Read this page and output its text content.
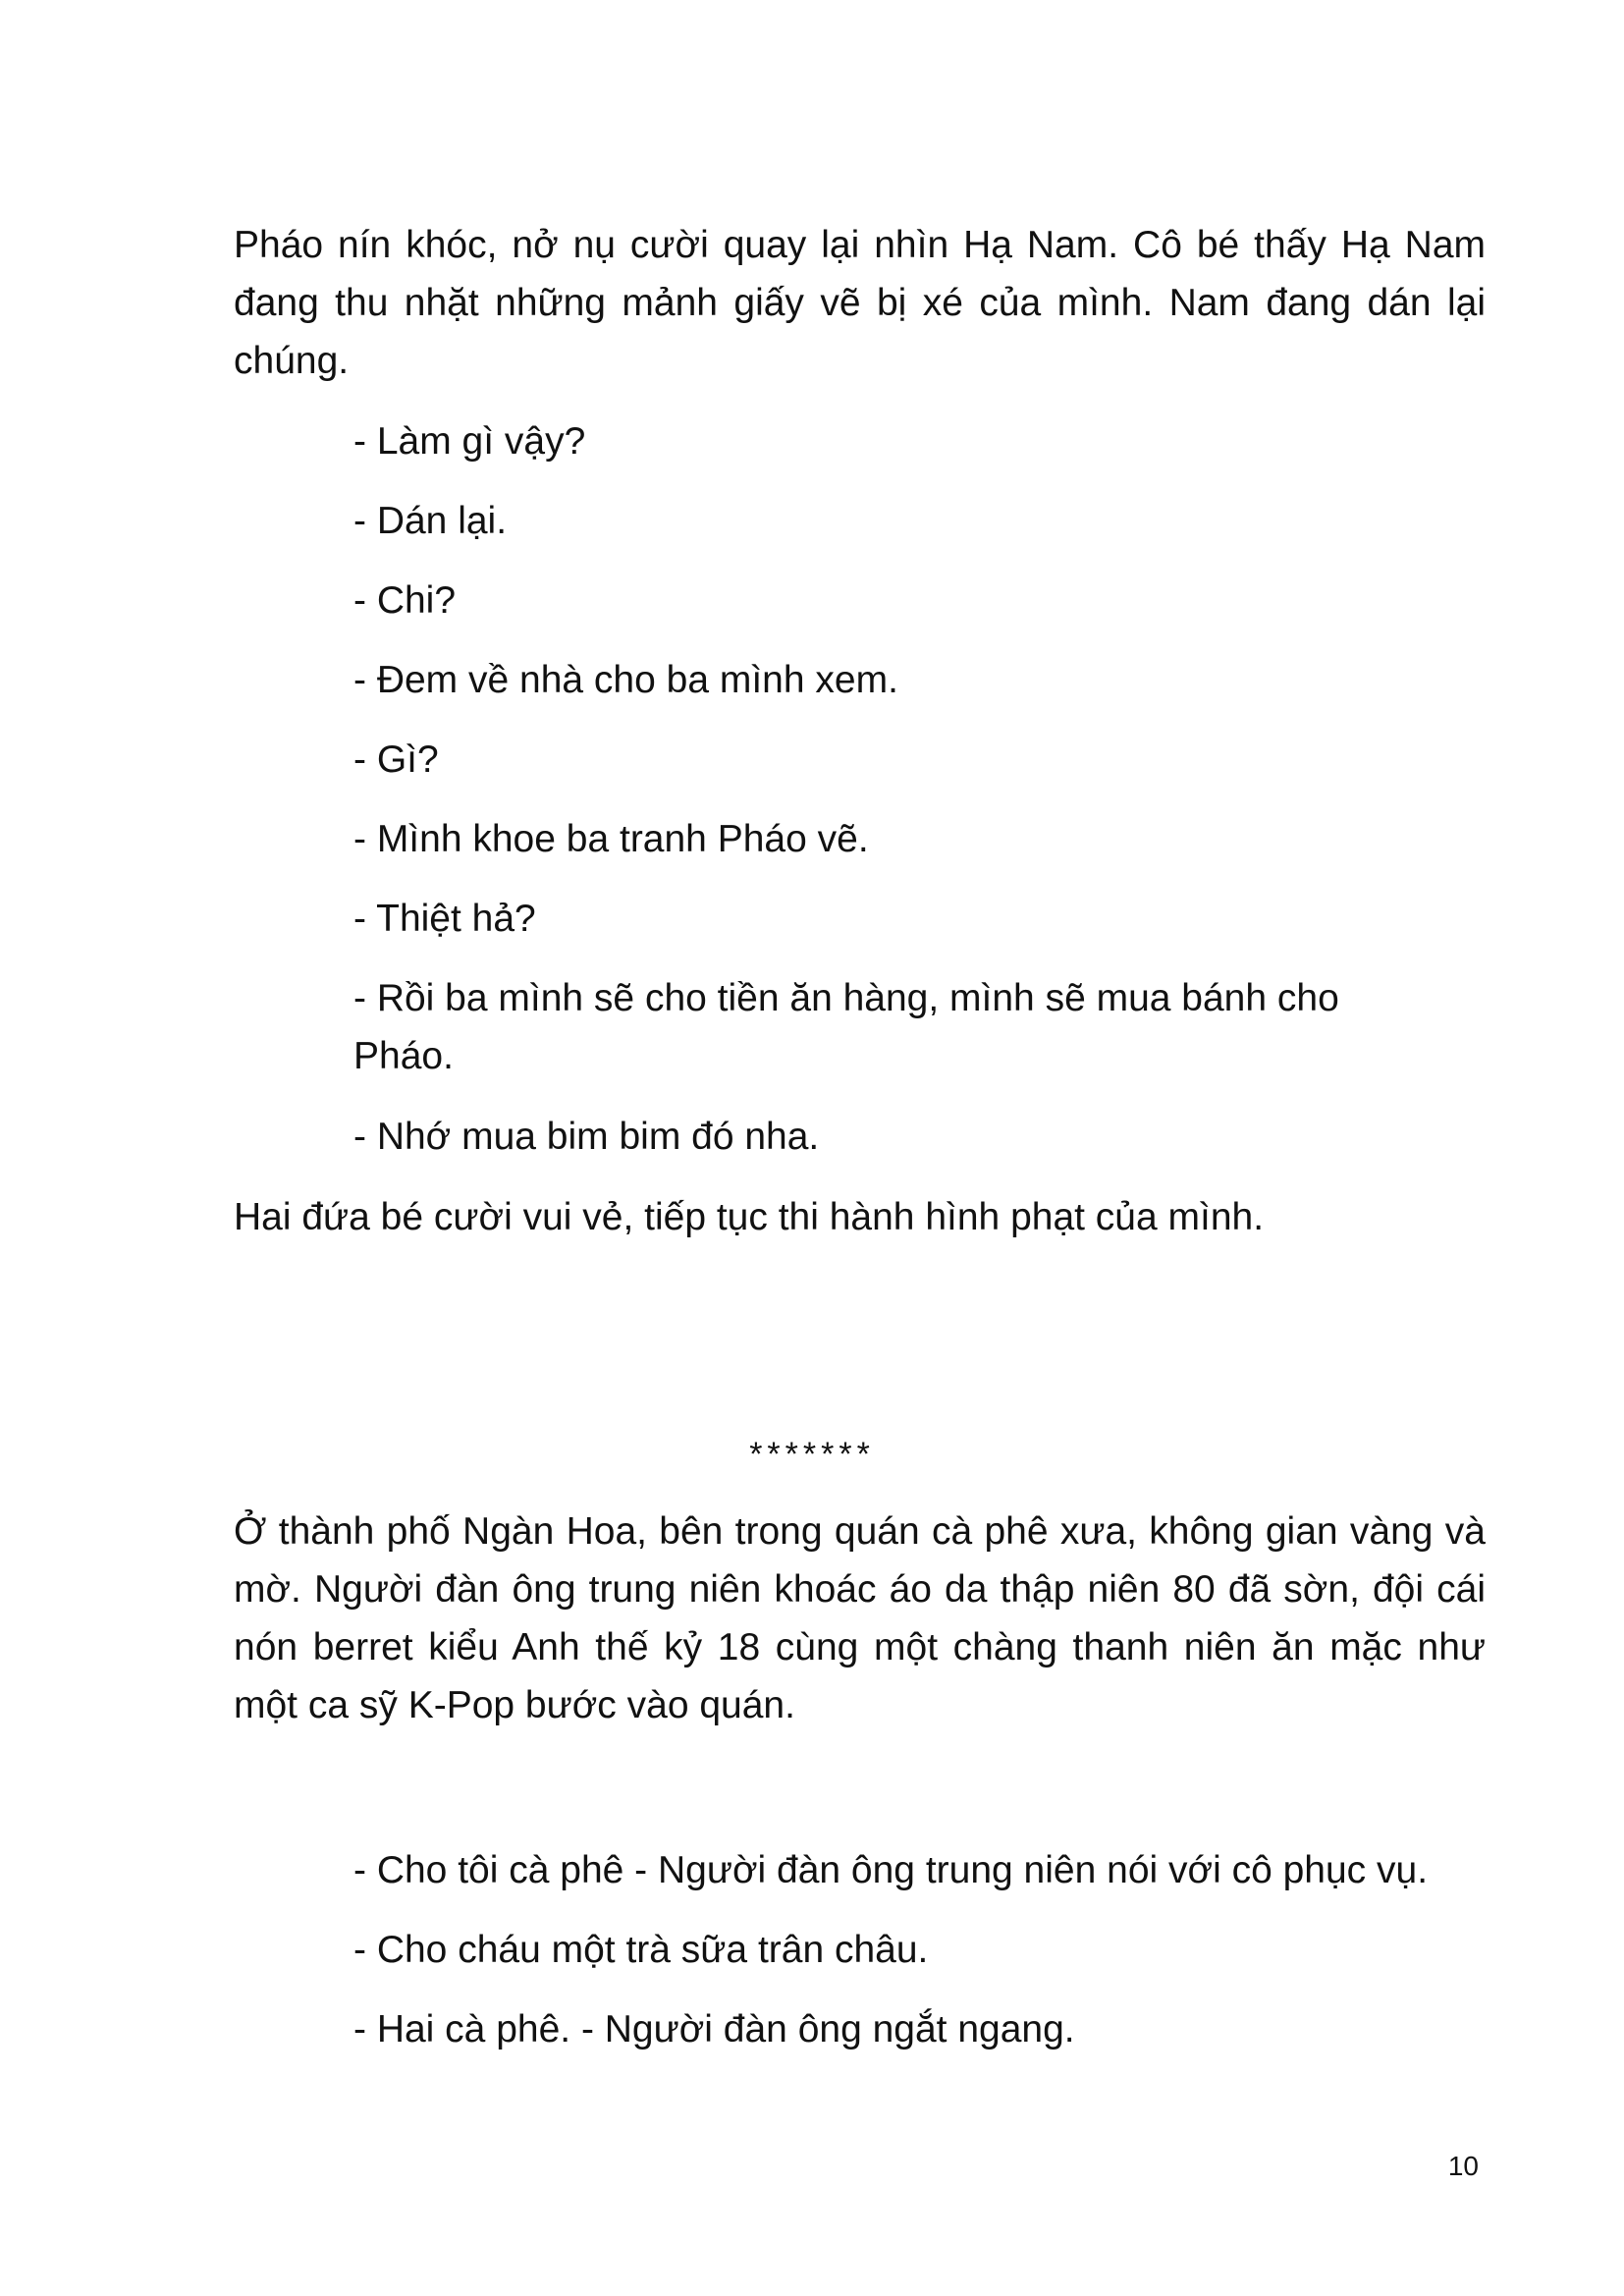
Pháo nín khóc, nở nụ cười quay lại nhìn Hạ Nam. Cô bé thấy Hạ Nam đang thu nhặt những mảnh giấy vẽ bị xé của mình. Nam đang dán lại chúng.

- Làm gì vậy?

- Dán lại.

- Chi?

- Đem về nhà cho ba mình xem.

- Gì?

- Mình khoe ba tranh Pháo vẽ.

- Thiệt hả?

- Rồi ba mình sẽ cho tiền ăn hàng, mình sẽ mua bánh cho Pháo.

- Nhớ mua bim bim đó nha.

Hai đứa bé cười vui vẻ, tiếp tục thi hành hình phạt của mình.

*******

Ở thành phố Ngàn Hoa, bên trong quán cà phê xưa, không gian vàng và mờ. Người đàn ông trung niên khoác áo da thập niên 80 đã sờn, đội cái nón berret kiểu Anh thế kỷ 18 cùng một chàng thanh niên ăn mặc như một ca sỹ K-Pop bước vào quán.

- Cho tôi cà phê - Người đàn ông trung niên nói với cô phục vụ.

- Cho cháu một trà sữa trân châu.

- Hai cà phê. - Người đàn ông ngắt ngang.

10
